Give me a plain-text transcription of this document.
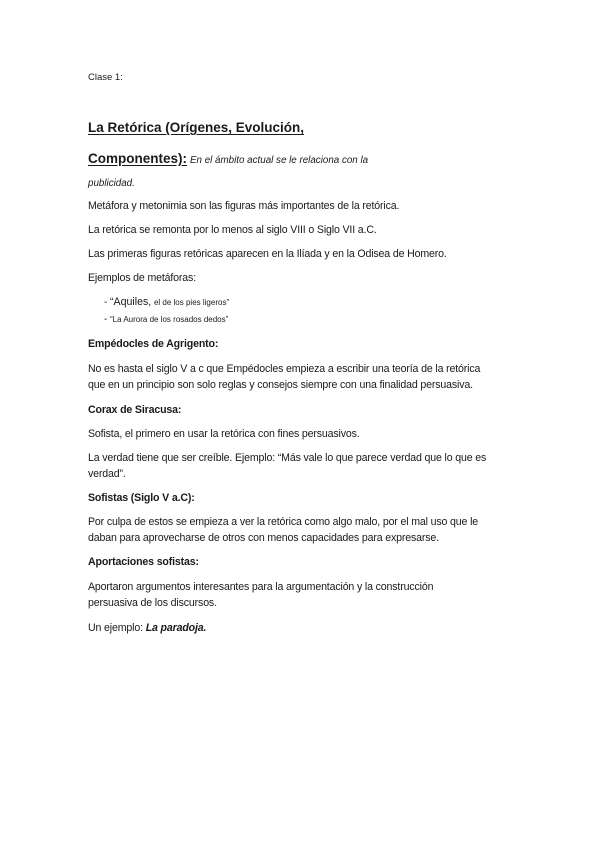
Clase 1:
La Retórica (Orígenes, Evolución,
Componentes): En el ámbito actual se le relaciona con la
publicidad.
Metáfora y metonimia son las figuras más importantes de la retórica.
La retórica se remonta por lo menos al siglo VIII o Siglo VII a.C.
Las primeras figuras retóricas aparecen en la Ilíada y en la Odisea de Homero.
Ejemplos de metáforas:
- “Aquiles, el de los pies ligeros”
- “La Aurora de los rosados dedos”
Empédocles de Agrigento:
No es hasta el siglo V a c que Empédocles empieza a escribir una teoría de la retórica
que en un principio son solo reglas y consejos siempre con una finalidad persuasiva.
Corax de Siracusa:
Sofista, el primero en usar la retórica con fines persuasivos.
La verdad tiene que ser creíble. Ejemplo: “Más vale lo que parece verdad que lo que es
verdad”.
Sofistas (Siglo V a.C):
Por culpa de estos se empieza a ver la retórica como algo malo, por el mal uso que le
daban para aprovecharse de otros con menos capacidades para expresarse.
Aportaciones sofistas:
Aportaron argumentos interesantes para la argumentación y la construcción
persuasiva de los discursos.
Un ejemplo: La paradoja.
